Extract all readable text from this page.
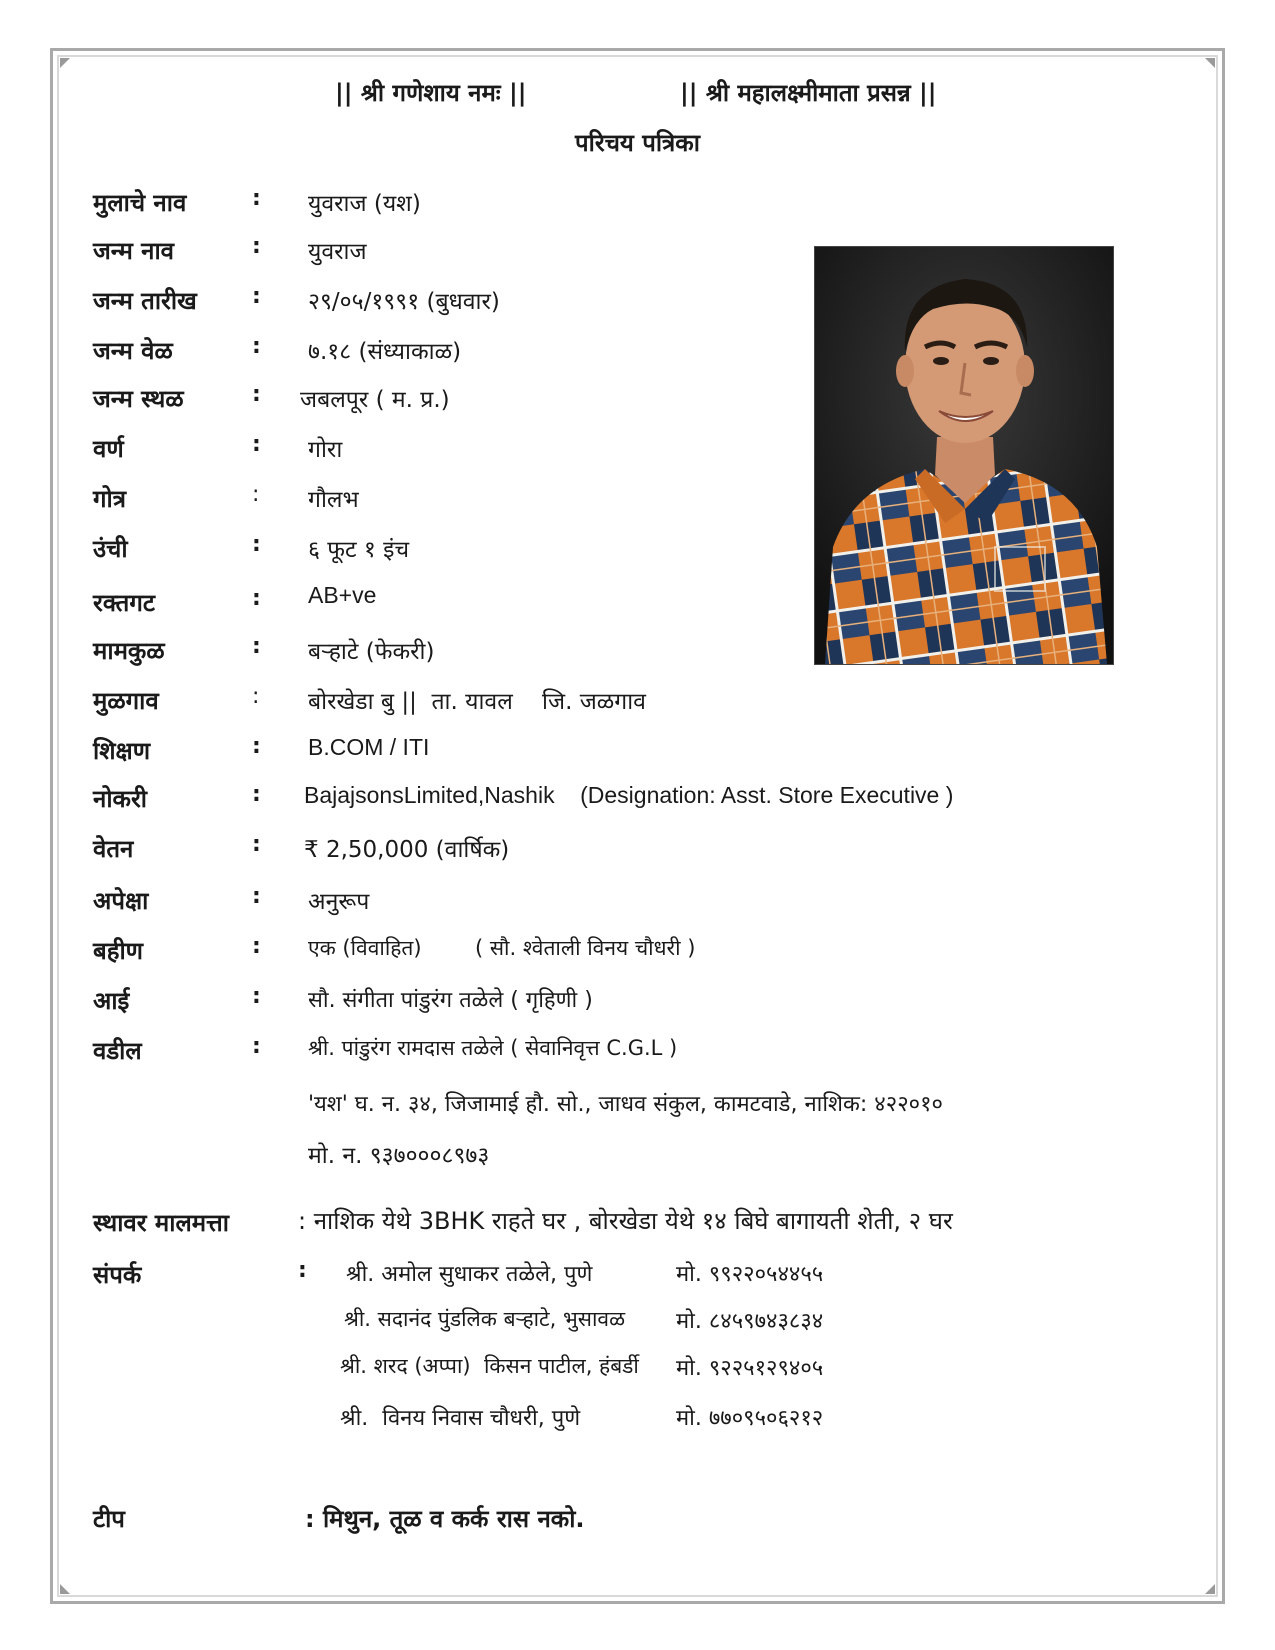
|| श्री गणेशाय नमः ||	|| श्री महालक्ष्मीमाता प्रसन्न ||
परिचय पत्रिका
मुलाचे नाव	: युवराज (यश)
जन्म नाव	: युवराज
जन्म तारीख	: २९/०५/१९९१ (बुधवार)
जन्म वेळ	: ७.१८ (संध्याकाळ)
जन्म स्थळ	: जबलपूर ( म. प्र.)
वर्ण	: गोरा
गोत्र	: गौलभ
उंची	: ६ फूट १ इंच
रक्तगट	: AB+ve
मामकुळ	: बऱ्हाटे (फेकरी)
मुळगाव	: बोरखेडा बु ||  ता. यावल    जि. जळगाव
शिक्षण	: B.COM / ITI
नोकरी	: BajajsonsLimited,Nashik    (Designation: Asst. Store Executive )
वेतन	: ₹ 2,50,000 (वार्षिक)
अपेक्षा	: अनुरूप
बहीण	: एक (विवाहित)        ( सौ. श्वेताली विनय चौधरी )
आई	: सौ. संगीता पांडुरंग तळेले ( गृहिणी )
वडील	: श्री. पांडुरंग रामदास तळेले ( सेवानिवृत्त C.G.L )
'यश' घ. न. ३४, जिजामाई हौ. सो., जाधव संकुल, कामटवाडे, नाशिक: ४२२०१०
मो. न. ९३७०००८९७३
स्थावर मालमत्ता	: नाशिक येथे 3BHK राहते घर , बोरखेडा येथे १४ बिघे बागायती शेती, २ घर
संपर्क	: श्री. अमोल सुधाकर तळेले, पुणे	मो. ९९२२०५४४५५
श्री. सदानंद पुंडलिक बऱ्हाटे, भुसावळ मो. ८४५९७४३८३४
श्री. शरद (अप्पा)  किसन पाटील, हंबर्डी मो. ९२२५१२९४०५
श्री.  विनय निवास चौधरी, पुणे	मो. ७७०९५०६२१२
टीप	: मिथुन, तूळ व कर्क रास नको.
